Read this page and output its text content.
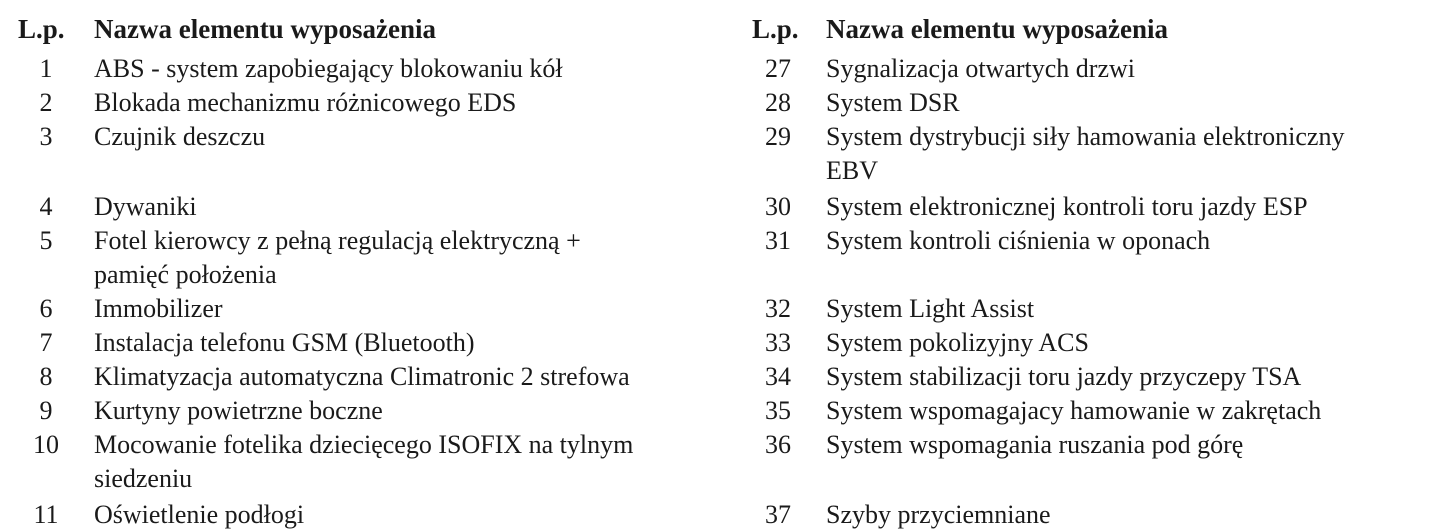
L.p. Nazwa elementu wyposażenia
1	ABS - system zapobiegający blokowaniu kół
2	Blokada mechanizmu różnicowego EDS
3	Czujnik deszczu
4	Dywaniki
5	Fotel kierowcy z pełną regulacją elektryczną +
pamięć położenia
6	Immobilizer
7	Instalacja telefonu GSM (Bluetooth)
8	Klimatyzacja automatyczna Climatronic 2 strefowa
9	Kurtyny powietrzne boczne
10	Mocowanie fotelika dziecięcego ISOFIX na tylnym
siedzeniu
11	Oświetlenie podłogi
L.p. Nazwa elementu wyposażenia
27	Sygnalizacja otwartych drzwi
28	System DSR
29	System dystrybucji siły hamowania elektroniczny
EBV
30	System elektronicznej kontroli toru jazdy ESP
31	System kontroli ciśnienia w oponach
32	System Light Assist
33	System pokolizyjny ACS
34	System stabilizacji toru jazdy przyczepy TSA
35	System wspomagajacy hamowanie w zakrętach
36	System wspomagania ruszania pod górę
37	Szyby przyciemniane
